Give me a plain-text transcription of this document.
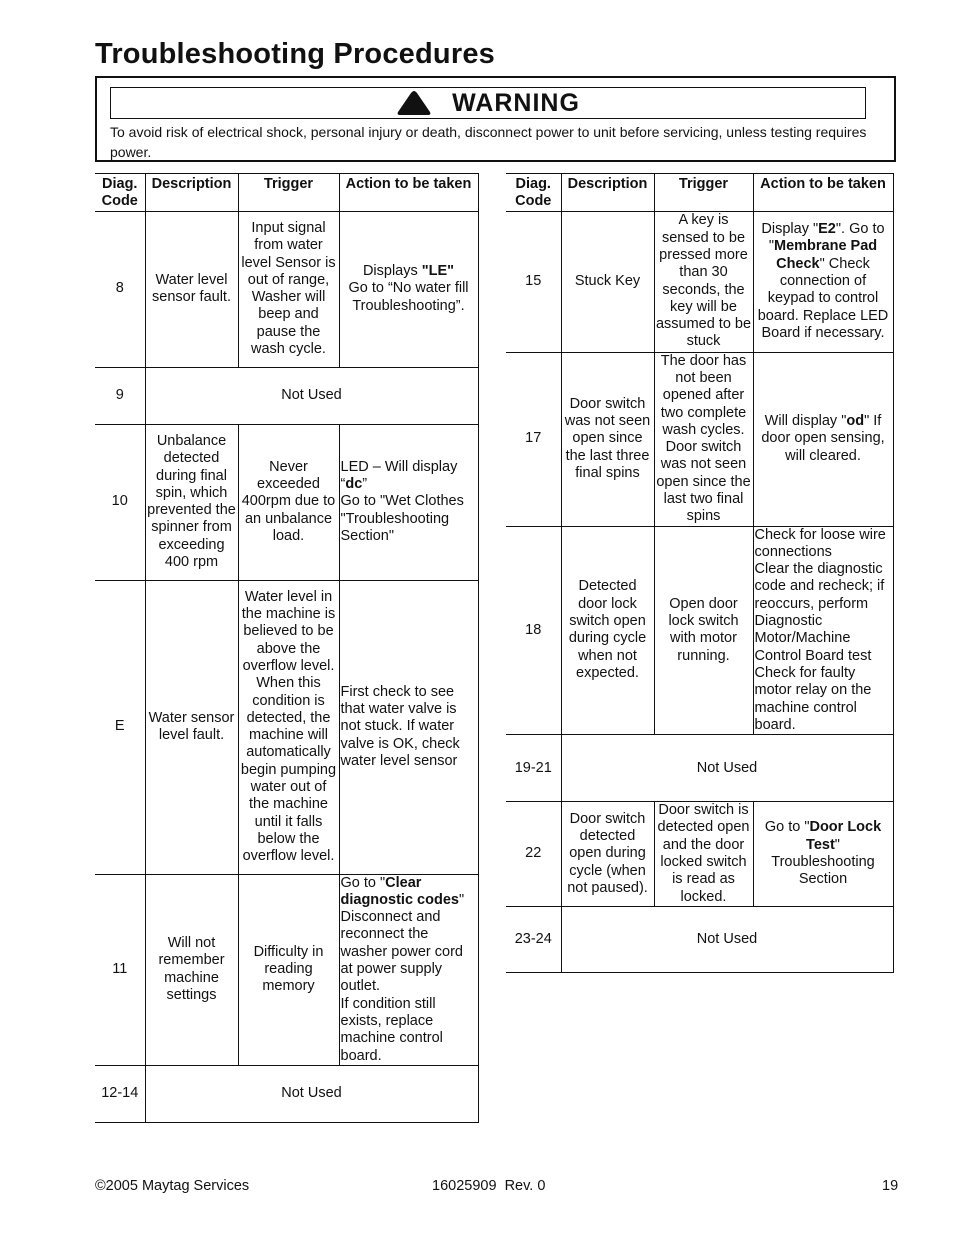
Troubleshooting Procedures
WARNING
To avoid risk of electrical shock, personal injury or death, disconnect power to unit before servicing, unless testing requires power.
Diag. Code	Description	Trigger	Action to be taken
8	Water level sensor fault.	Input signal from water level Sensor is out of range, Washer will beep and pause the wash cycle.	Displays "LE"
Go to “No water fill Troubleshooting”.
9	Not Used		
10	Unbalance detected during final spin, which prevented the spinner from exceeding 400 rpm	Never exceeded 400rpm due to an unbalance load.	LED – Will display “dc”
Go to "Wet Clothes "Troubleshooting Section"
E	Water sensor level fault.	Water level in the machine is believed to be above the overflow level. When this condition is detected, the machine will automatically begin pumping water out of the machine until it falls below the overflow level.	First check to see that water valve is not stuck. If water valve is OK, check water level sensor
11	Will not remember machine settings	Difficulty in reading memory	Go to "Clear diagnostic codes"
Disconnect and reconnect the washer power cord at power supply outlet.
If condition still exists, replace machine control board.
12-14	Not Used		
Diag. Code	Description	Trigger	Action to be taken
15	Stuck Key	A key is sensed to be pressed more than 30 seconds, the key will be assumed to be stuck	Display "E2". Go to "Membrane Pad Check" Check connection of keypad to control board. Replace LED Board if necessary.
17	Door switch was not seen open since the last three final spins	The door has not been opened after two complete wash cycles. Door switch was not seen open since the last two final spins	Will display "od" If door open sensing, will cleared.
18	Detected door lock switch open during cycle when not expected.	Open door lock switch with motor running.	Check for loose wire connections
Clear the diagnostic code and recheck; if reoccurs, perform Diagnostic Motor/Machine Control Board test
Check for faulty motor relay on the machine control board.
19-21	Not Used		
22	Door switch detected open during cycle (when not paused).	Door switch is detected open and the door locked switch is read as locked.	Go to "Door Lock Test" Troubleshooting Section
23-24	Not Used		
©2005 Maytag Services	16025909  Rev. 0	19
